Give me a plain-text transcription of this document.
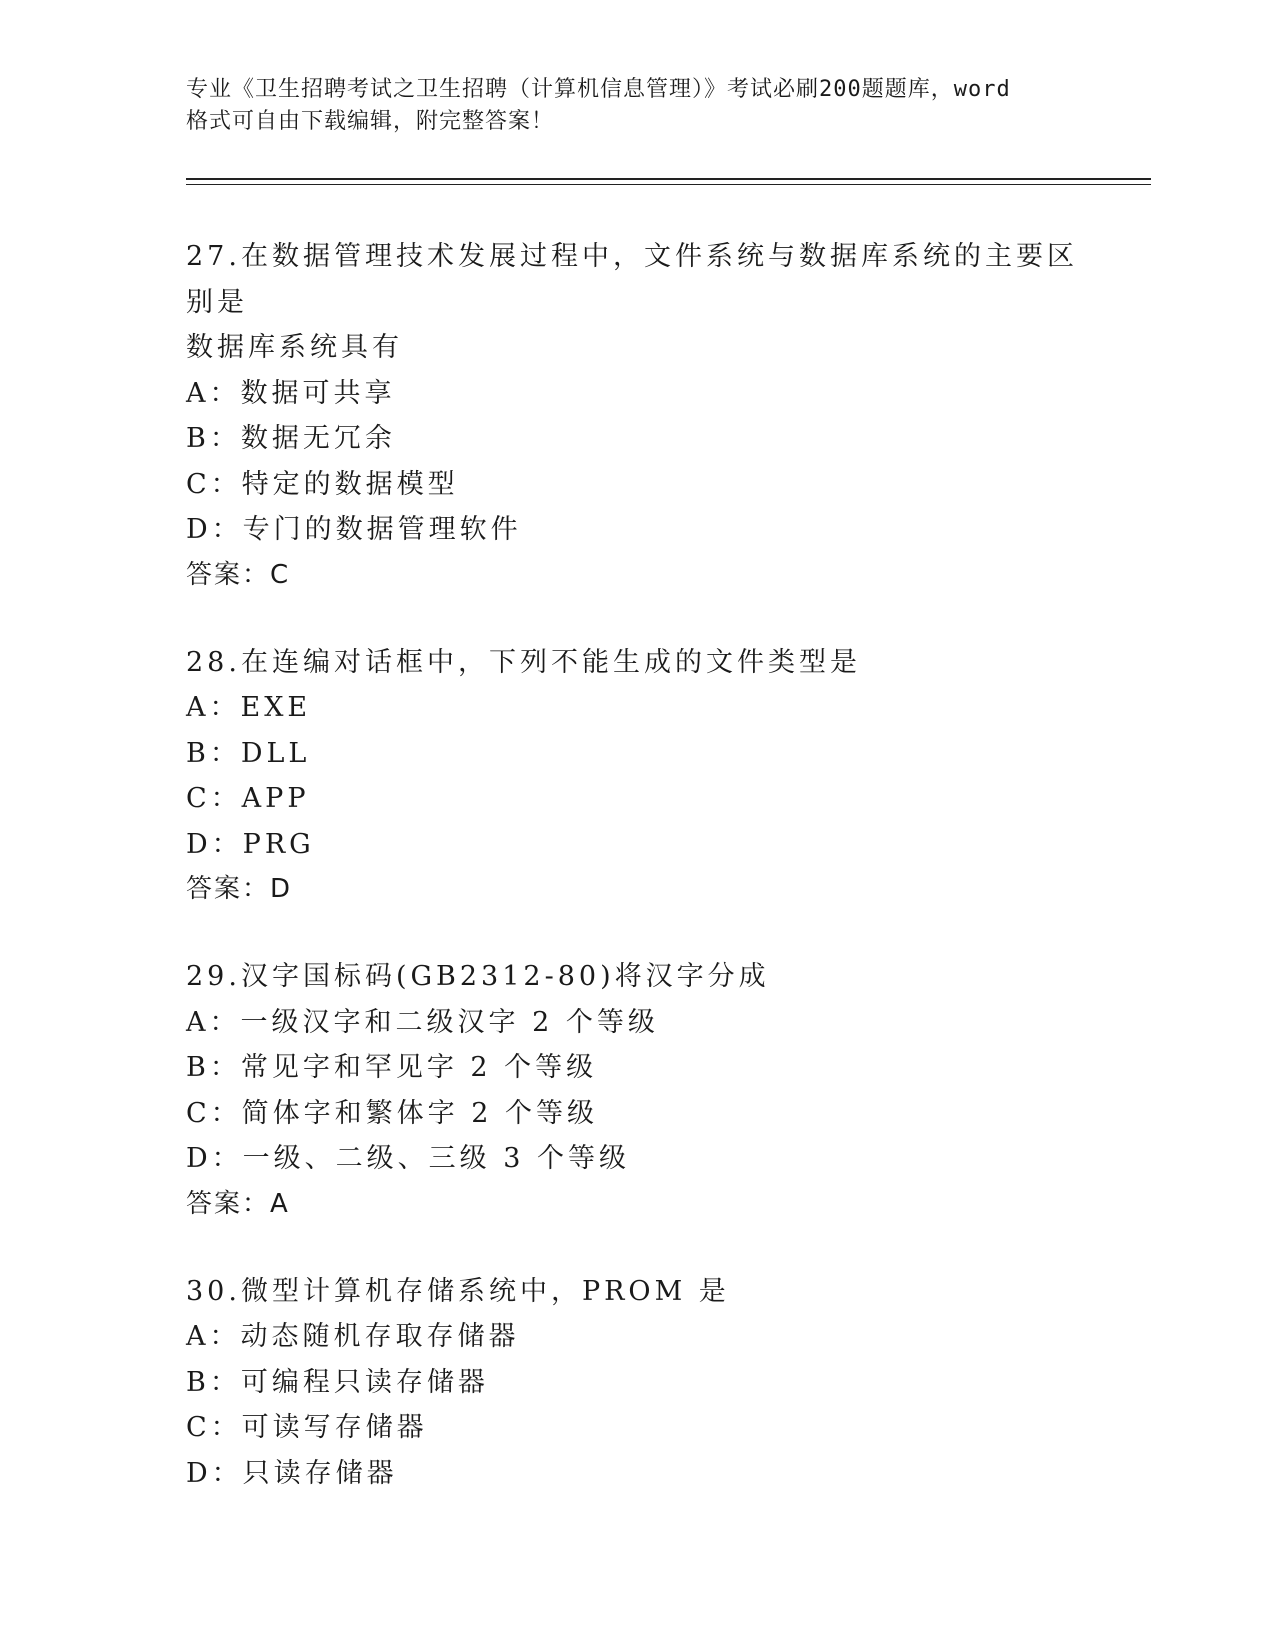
专业《卫生招聘考试之卫生招聘（计算机信息管理）》考试必刷200题题库，word
格式可自由下载编辑，附完整答案！
27.在数据管理技术发展过程中，文件系统与数据库系统的主要区别是
数据库系统具有
A：数据可共享
B：数据无冗余
C：特定的数据模型
D：专门的数据管理软件
答案：C
28.在连编对话框中，下列不能生成的文件类型是
A：EXE
B：DLL
C：APP
D：PRG
答案：D
29.汉字国标码(GB2312-80)将汉字分成
A：一级汉字和二级汉字 2 个等级
B：常见字和罕见字 2 个等级
C：简体字和繁体字 2 个等级
D：一级、二级、三级 3 个等级
答案：A
30.微型计算机存储系统中，PROM 是
A：动态随机存取存储器
B：可编程只读存储器
C：可读写存储器
D：只读存储器
